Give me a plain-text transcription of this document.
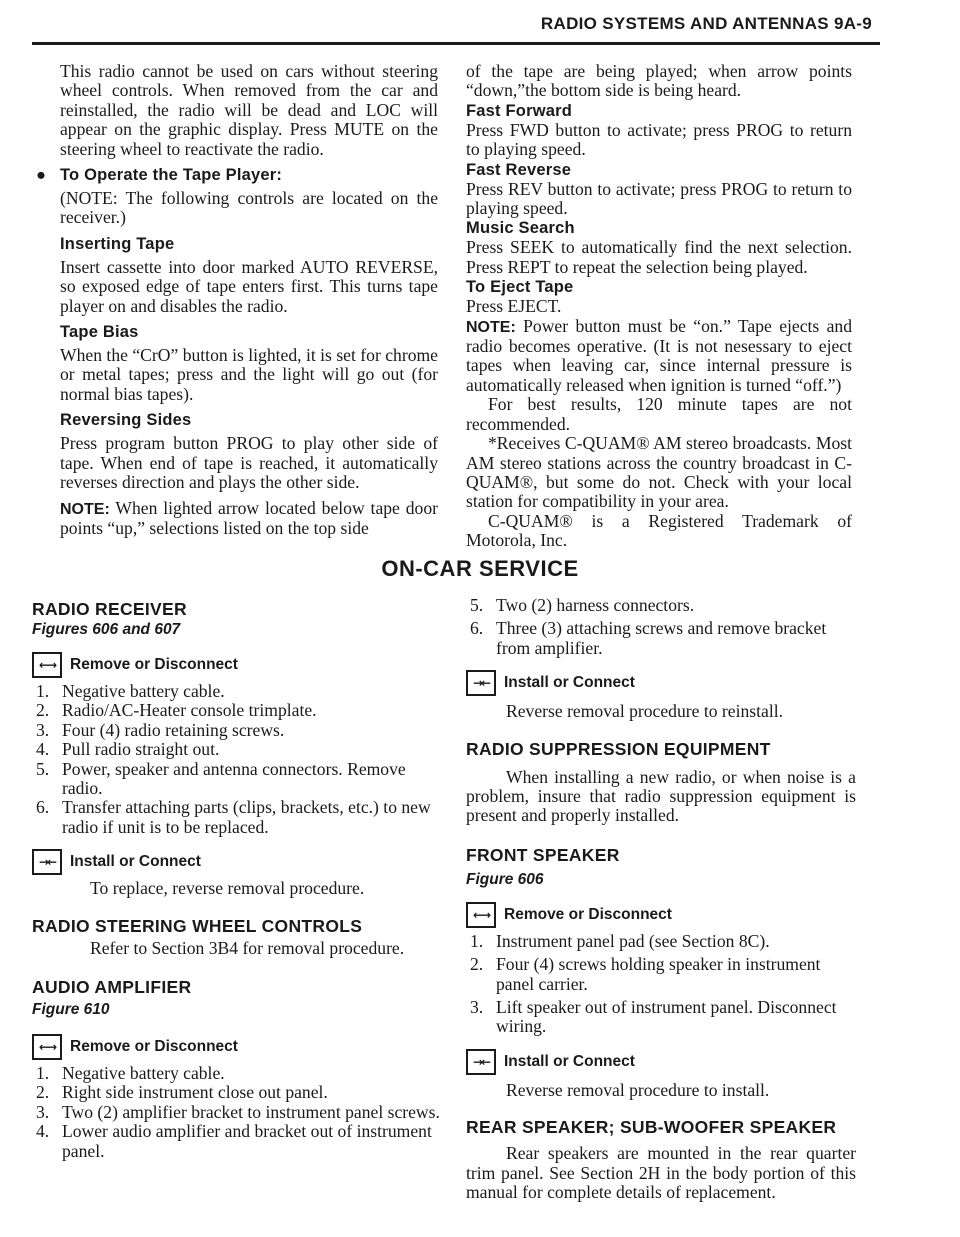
RADIO SYSTEMS AND ANTENNAS 9A-9

This radio cannot be used on cars without steering wheel controls. When removed from the car and reinstalled, the radio will be dead and LOC will appear on the graphic display. Press MUTE on the steering wheel to reactivate the radio.

● To Operate the Tape Player:

(NOTE: The following controls are located on the receiver.)

Inserting Tape

Insert cassette into door marked AUTO REVERSE, so exposed edge of tape enters first. This turns tape player on and disables the radio.

Tape Bias

When the “CrO” button is lighted, it is set for chrome or metal tapes; press and the light will go out (for normal bias tapes).

Reversing Sides

Press program button PROG to play other side of tape. When end of tape is reached, it automatically reverses direction and plays the other side.

NOTE: When lighted arrow located below tape door points “up,” selections listed on the top side

of the tape are being played; when arrow points “down,”the bottom side is being heard.

Fast Forward

Press FWD button to activate; press PROG to return to playing speed.

Fast Reverse

Press REV button to activate; press PROG to return to playing speed.

Music Search

Press SEEK to automatically find the next selection. Press REPT to repeat the selection being played.

To Eject Tape

Press EJECT.

NOTE: Power button must be “on.” Tape ejects and radio becomes operative. (It is not nesessary to eject tapes when leaving car, since internal pressure is automatically released when ignition is turned “off.”)

For best results, 120 minute tapes are not recommended.

*Receives C-QUAM® AM stereo broadcasts. Most AM stereo stations across the country broadcast in C-QUAM®, but some do not. Check with your local station for compatibility in your area.

C-QUAM® is a Registered Trademark of Motorola, Inc.

ON-CAR SERVICE
RADIO RECEIVER
Figures 606 and 607
←→ Remove or Disconnect
1. Negative battery cable.
2. Radio/AC-Heater console trimplate.
3. Four (4) radio retaining screws.
4. Pull radio straight out.
5. Power, speaker and antenna connectors. Remove radio.
6. Transfer attaching parts (clips, brackets, etc.) to new radio if unit is to be replaced.
→← Install or Connect

To replace, reverse removal procedure.

RADIO STEERING WHEEL CONTROLS

Refer to Section 3B4 for removal procedure.

AUDIO AMPLIFIER
Figure 610
←→ Remove or Disconnect
1. Negative battery cable.
2. Right side instrument close out panel.
3. Two (2) amplifier bracket to instrument panel screws.
4. Lower audio amplifier and bracket out of instrument panel.
5. Two (2) harness connectors.
6. Three (3) attaching screws and remove bracket from amplifier.
→← Install or Connect

Reverse removal procedure to reinstall.

RADIO SUPPRESSION EQUIPMENT

When installing a new radio, or when noise is a problem, insure that radio suppression equipment is present and properly installed.

FRONT SPEAKER
Figure 606
←→ Remove or Disconnect
1. Instrument panel pad (see Section 8C).
2. Four (4) screws holding speaker in instrument panel carrier.
3. Lift speaker out of instrument panel. Disconnect wiring.
→← Install or Connect

Reverse removal procedure to install.

REAR SPEAKER; SUB-WOOFER SPEAKER

Rear speakers are mounted in the rear quarter trim panel. See Section 2H in the body portion of this manual for complete details of replacement.
